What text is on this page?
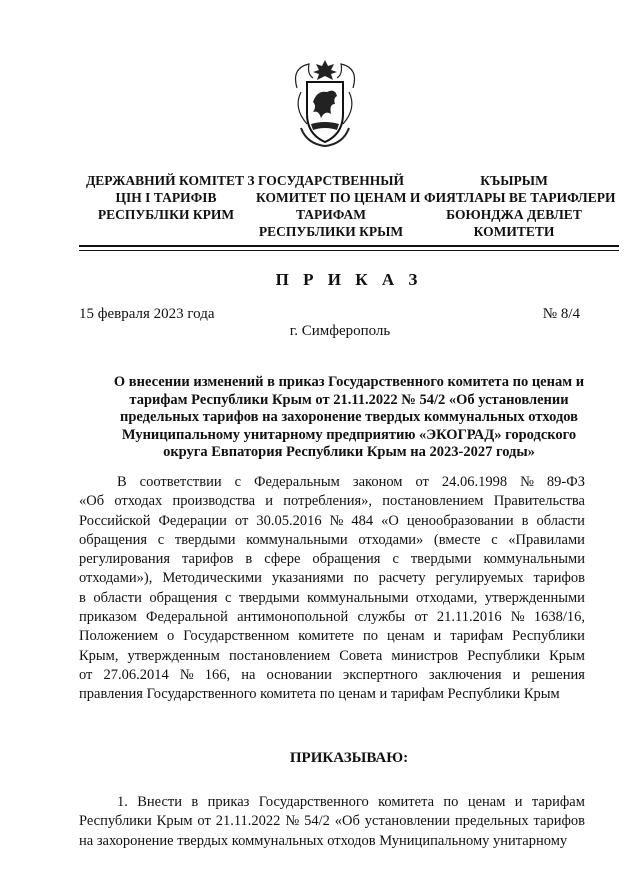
ДЕРЖАВНИЙ КОМІТЕТ З
ЦІН І ТАРИФІВ
РЕСПУБЛІКИ КРИМ
ГОСУДАРСТВЕННЫЙ
КОМИТЕТ ПО ЦЕНАМ И
ТАРИФАМ
РЕСПУБЛИКИ КРЫМ
КЪЫРЫМ
ФИЯТЛАРЫ ВЕ ТАРИФЛЕРИ
БОЮНДЖА ДЕВЛЕТ
КОМИТЕТИ
П Р И К А З
15 февраля 2023 года	№ 8/4
г. Симферополь
О внесении изменений в приказ Государственного комитета по ценам и
тарифам Республики Крым от 21.11.2022 № 54/2 «Об установлении
предельных тарифов на захоронение твердых коммунальных отходов
Муниципальному унитарному предприятию «ЭКОГРАД» городского
округа Евпатория Республики Крым на 2023-2027 годы»
В соответствии с Федеральным законом от 24.06.1998 № 89-ФЗ
«Об отходах производства и потребления», постановлением Правительства
Российской Федерации от 30.05.2016 № 484 «О ценообразовании в области
обращения с твердыми коммунальными отходами» (вместе с «Правилами
регулирования тарифов в сфере обращения с твердыми коммунальными
отходами»), Методическими указаниями по расчету регулируемых тарифов
в области обращения с твердыми коммунальными отходами, утвержденными
приказом Федеральной антимонопольной службы от 21.11.2016 № 1638/16,
Положением о Государственном комитете по ценам и тарифам Республики
Крым, утвержденным постановлением Совета министров Республики Крым
от 27.06.2014 № 166, на основании экспертного заключения и решения
правления Государственного комитета по ценам и тарифам Республики Крым
ПРИКАЗЫВАЮ:
1. Внести в приказ Государственного комитета по ценам и тарифам
Республики Крым от 21.11.2022 № 54/2 «Об установлении предельных тарифов
на захоронение твердых коммунальных отходов Муниципальному унитарному
